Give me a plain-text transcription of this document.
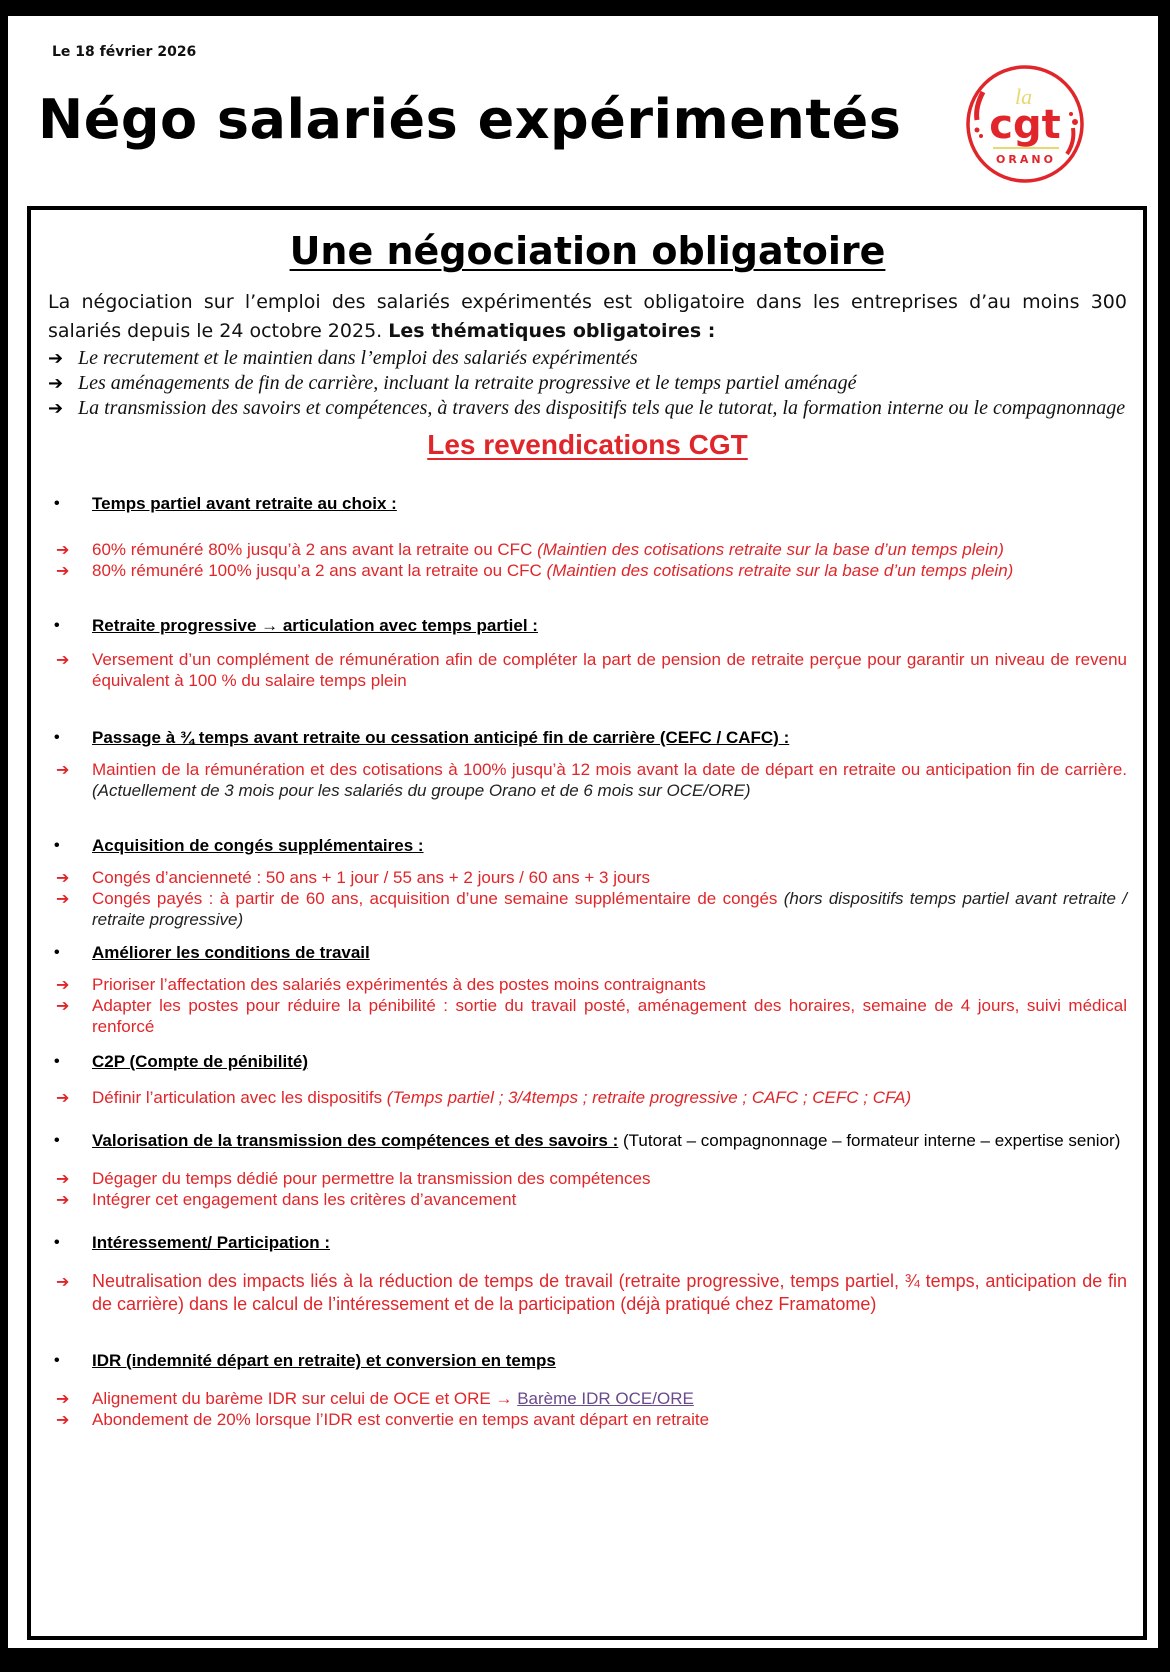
Le 18 février 2026
Négo salariés expérimentés	la
cgt
ORANO
Une négociation obligatoire
La négociation sur l’emploi des salariés expérimentés est obligatoire dans les entreprises d’au moins 300 salariés depuis le 24 octobre 2025. Les thématiques obligatoires :
➔ Le recrutement et le maintien dans l’emploi des salariés expérimentés
➔ Les aménagements de fin de carrière, incluant la retraite progressive et le temps partiel aménagé
➔ La transmission des savoirs et compétences, à travers des dispositifs tels que le tutorat, la formation interne ou le compagnonnage
Les revendications CGT
• Temps partiel avant retraite au choix :
➔ 60% rémunéré 80% jusqu’à 2 ans avant la retraite ou CFC (Maintien des cotisations retraite sur la base d’un temps plein)
➔ 80% rémunéré 100% jusqu’a 2 ans avant la retraite ou CFC (Maintien des cotisations retraite sur la base d’un temps plein)
• Retraite progressive → articulation avec temps partiel :
➔ Versement d’un complément de rémunération afin de compléter la part de pension de retraite perçue pour garantir un niveau de revenu équivalent à 100 % du salaire temps plein
• Passage à ¾ temps avant retraite ou cessation anticipé fin de carrière (CEFC / CAFC) :
➔ Maintien de la rémunération et des cotisations à 100% jusqu’à 12 mois avant la date de départ en retraite ou anticipation fin de carrière. (Actuellement de 3 mois pour les salariés du groupe Orano et de 6 mois sur OCE/ORE)
• Acquisition de congés supplémentaires :
➔ Congés d’ancienneté : 50 ans + 1 jour / 55 ans + 2 jours / 60 ans + 3 jours
➔ Congés payés : à partir de 60 ans, acquisition d’une semaine supplémentaire de congés (hors dispositifs temps partiel avant retraite / retraite progressive)
• Améliorer les conditions de travail
➔ Prioriser l’affectation des salariés expérimentés à des postes moins contraignants
➔ Adapter les postes pour réduire la pénibilité : sortie du travail posté, aménagement des horaires, semaine de 4 jours, suivi médical renforcé
• C2P (Compte de pénibilité)
➔ Définir l’articulation avec les dispositifs (Temps partiel ; 3/4temps ; retraite progressive ; CAFC ; CEFC ; CFA)
• Valorisation de la transmission des compétences et des savoirs : (Tutorat – compagnonnage – formateur interne – expertise senior)
➔ Dégager du temps dédié pour permettre la transmission des compétences
➔ Intégrer cet engagement dans les critères d’avancement
• Intéressement/ Participation :
➔ Neutralisation des impacts liés à la réduction de temps de travail (retraite progressive, temps partiel, ¾ temps, anticipation de fin de carrière) dans le calcul de l’intéressement et de la participation (déjà pratiqué chez Framatome)
• IDR (indemnité départ en retraite) et conversion en temps
➔ Alignement du barème IDR sur celui de OCE et ORE → Barème IDR OCE/ORE
➔ Abondement de 20% lorsque l’IDR est convertie en temps avant départ en retraite
